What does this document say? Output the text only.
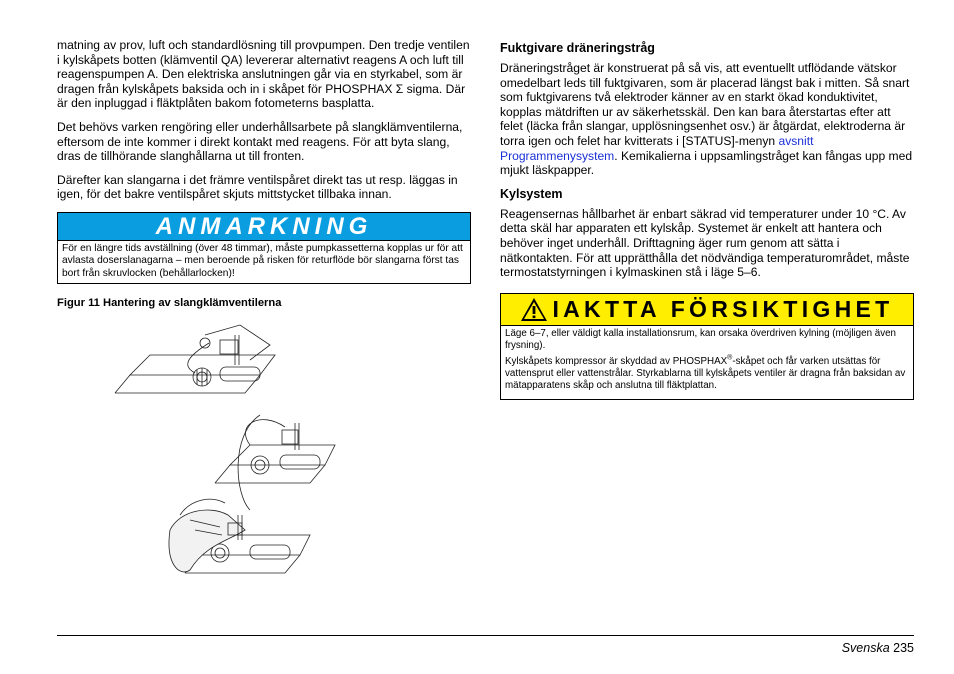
matning av prov, luft och standardlösning till provpumpen. Den tredje ventilen i kylskåpets botten (klämventil QA) levererar alternativt reagens A och luft till reagenspumpen A. Den elektriska anslutningen går via en styrkabel, som är dragen från kylskåpets baksida och in i skåpet för PHOSPHAX Σ sigma. Där är den inpluggad i fläktplåten bakom fotometerns basplatta.

Det behövs varken rengöring eller underhållsarbete på slangklämventilerna, eftersom de inte kommer i direkt kontakt med reagens. För att byta slang, dras de tillhörande slanghållarna ut till fronten.

Därefter kan slangarna i det främre ventilspåret direkt tas ut resp. läggas in igen, för det bakre ventilspåret skjuts mittstycket tillbaka innan.

ANMARKNING
För en längre tids avställning (över 48 timmar), måste pumpkassetterna kopplas ur för att avlasta doserslanagarna – men beroende på risken för returflöde bör slangarna först tas bort från skruvlocken (behållarlocken)!
Figur 11 Hantering av slangklämventilerna
Fuktgivare dräneringstråg

Dräneringstråget är konstruerat på så vis, att eventuellt utflödande vätskor omedelbart leds till fuktgivaren, som är placerad längst bak i mitten. Så snart som fuktgivarens två elektroder känner av en starkt ökad konduktivitet, kopplas mätdriften ur av säkerhetsskäl. Den kan bara återstartas efter att felet (läcka från slangar, upplösningsenhet osv.) är åtgärdat, elektroderna är torra igen och felet har kvitterats i [STATUS]-menyn avsnitt Programmenysystem. Kemikalierna i uppsamlingstråget kan fångas upp med mjukt läskpapper.

Kylsystem

Reagensernas hållbarhet är enbart säkrad vid temperaturer under 10 °C. Av detta skäl har apparaten ett kylskåp. Systemet är enkelt att hantera och behöver inget underhåll. Drifttagning äger rum genom att sätta i nätkontakten. För att upprätthålla det nödvändiga temperaturområdet, måste termostatstyrningen i kylmaskinen stå i läge 5–6.

IAKTTA FÖRSIKTIGHET

Läge 6–7, eller väldigt kalla installationsrum, kan orsaka överdriven kylning (möjligen även frysning).

Kylskåpets kompressor är skyddad av PHOSPHAX®-skåpet och får varken utsättas för vattensprut eller vattenstrålar. Styrkablarna till kylskåpets ventiler är dragna från baksidan av mätapparatens skåp och anslutna till fläktplattan.

Svenska 235
